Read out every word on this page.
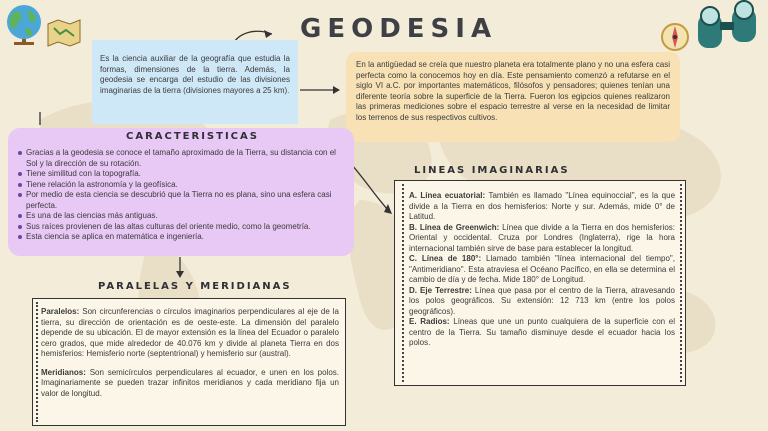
GEODESIA
Es la ciencia auxiliar de la geografía que estudia la formas, dimensiones de la tierra. Además, la geodesia se encarga del estudio de las divisiones imaginarias de la tierra (divisiones mayores a 25 km).
En la antigüedad se creía que nuestro planeta era totalmente plano y no una esfera casi perfecta como la conocemos hoy en día. Este pensamiento comenzó a refutarse en el siglo VI a.C. por importantes matemáticos, filósofos y pensadores; quienes tenían una diferente teoría sobre la superficie de la Tierra. Fueron los egipcios quienes realizaron las primeras mediciones sobre el espacio terrestre al verse en la necesidad de limitar los terrenos de sus respectivos cultivos.
Gracias a la geodesia se conoce el tamaño aproximado de la Tierra, su distancia con el Sol y la dirección de su rotación.
Tiene similitud con la topografía.
Tiene relación la astronomía y la geofísica.
Por medio de esta ciencia se descubrió que la Tierra no es plana, sino una esfera casi perfecta.
Es una de las ciencias más antiguas.
Sus raíces provienen de las altas culturas del oriente medio, como la geometría.
Esta ciencia se aplica en matemática e ingeniería.
CARACTERISTICAS
LINEAS IMAGINARIAS

A. Línea ecuatorial: También es llamado "Línea equinoccial", es la que divide a la Tierra en dos hemisferios: Norte y sur. Además, mide 0° de Latitud.

B. Línea de Greenwich: Línea que divide a la Tierra en dos hemisferios: Oriental y occidental. Cruza por Londres (Inglaterra), rige la hora internacional también sirve de base para establecer la longitud.

C. Línea de 180°: Llamado también "línea internacional del tiempo", "Antimeridiano". Esta atraviesa el Océano Pacífico, en ella se determina el cambio de día y de fecha. Mide 180° de Longitud.

D. Eje Terrestre: Línea que pasa por el centro de la Tierra, atravesando los polos geográficos. Su extensión: 12 713 km (entre los polos geográficos).

E. Radios: Líneas que une un punto cualquiera de la superficie con el centro de la Tierra. Su tamaño disminuye desde el ecuador hacia los polos.

PARALELAS Y MERIDIANAS

Paralelos: Son circunferencias o círculos imaginarios perpendiculares al eje de la tierra, su dirección de orientación es de oeste-este. La dimensión del paralelo depende de su ubicación. El de mayor extensión es la línea del Ecuador o paralelo cero grados, que mide alrededor de 40.076 km y divide al planeta Tierra en dos hemisferios: Hemisferio norte (septentrional) y hemisferio sur (austral).

Meridianos: Son semicírculos perpendiculares al ecuador, e unen en los polos. Imaginariamente se pueden trazar infinitos meridianos y cada meridiano fija un valor de longitud.
